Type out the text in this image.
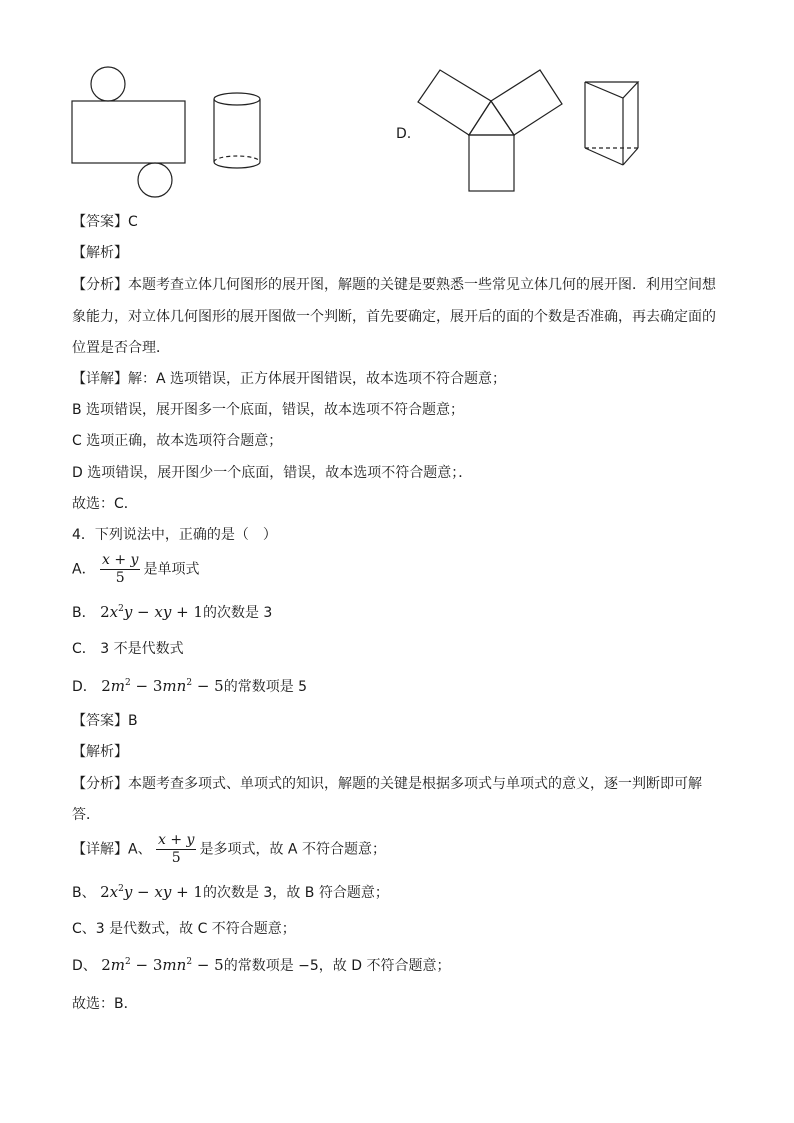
D.
【答案】C
【解析】
【分析】本题考查立体几何图形的展开图，解题的关键是要熟悉一些常见立体几何的展开图．利用空间想
象能力，对立体几何图形的展开图做一个判断，首先要确定，展开后的面的个数是否准确，再去确定面的
位置是否合理．
【详解】解：A 选项错误，正方体展开图错误，故本选项不符合题意；
B 选项错误，展开图多一个底面，错误，故本选项不符合题意；
C 选项正确，故本选项符合题意；
D 选项错误，展开图少一个底面，错误，故本选项不符合题意；．
故选：C．
4．下列说法中，正确的是（　）
A． $\frac{x + y}{5}$ 是单项式
B． $2x^2y$ − xy + 1的次数是 3
C． 3 不是代数式
D． $2m^2 - 3mn^2 - 5$的常数项是 5
【答案】B
【解析】
【分析】本题考查多项式、单项式的知识，解题的关键是根据多项式与单项式的意义，逐一判断即可解
答．
【详解】A、 $\frac{x + y}{5}$ 是多项式，故 A 不符合题意；
B、 $2x^2y$ − xy + 1的次数是 3，故 B 符合题意；
C、3 是代数式，故 C 不符合题意；
D、 $2m^2 - 3mn^2 - 5$的常数项是 −5，故 D 不符合题意；
故选：B．
